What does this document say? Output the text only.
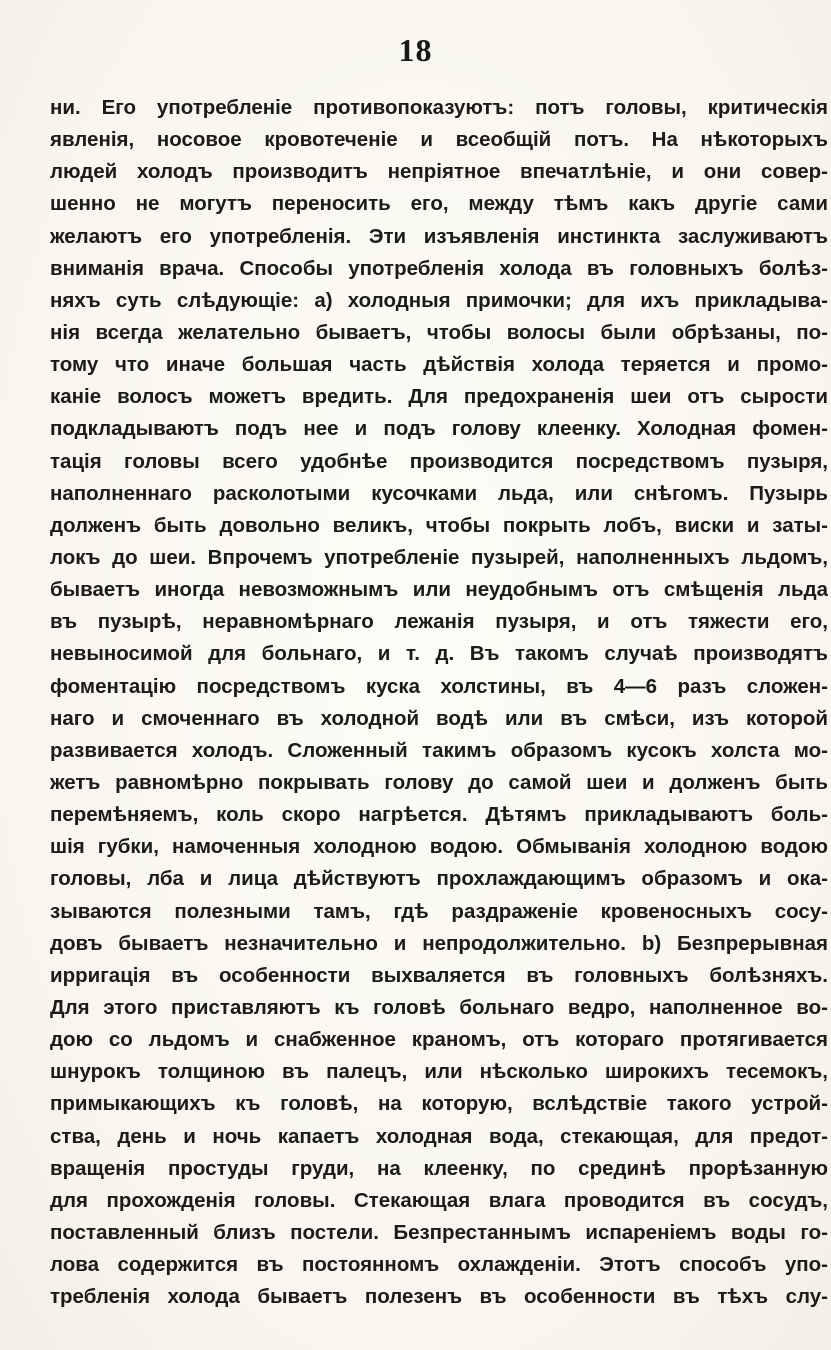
18
ни. Его употребленіе противопоказуютъ: потъ головы, критическія
явленія, носовое кровотеченіе и всеобщій потъ. На нѣкоторыхъ
людей холодъ производитъ непріятное впечатлѣніе, и они совер-
шенно не могутъ переносить его, между тѣмъ какъ другіе сами
желаютъ его употребленія. Эти изъявленія инстинкта заслуживаютъ
вниманія врача. Способы употребленія холода въ головныхъ болѣз-
няхъ суть слѣдующіе: а) холодныя примочки; для ихъ прикладыва-
нія всегда желательно бываетъ, чтобы волосы были обрѣзаны, по-
тому что иначе большая часть дѣйствія холода теряется и промо-
каніе волосъ можетъ вредить. Для предохраненія шеи отъ сырости
подкладываютъ подъ нее и подъ голову клеенку. Холодная фомен-
тація головы всего удобнѣе производится посредствомъ пузыря,
наполненнаго расколотыми кусочками льда, или снѣгомъ. Пузырь
долженъ быть довольно великъ, чтобы покрыть лобъ, виски и заты-
локъ до шеи. Впрочемъ употребленіе пузырей, наполненныхъ льдомъ,
бываетъ иногда невозможнымъ или неудобнымъ отъ смѣщенія льда
въ пузырѣ, неравномѣрнаго лежанія пузыря, и отъ тяжести его,
невыносимой для больнаго, и т. д. Въ такомъ случаѣ производятъ
фоментацію посредствомъ куска холстины, въ 4—6 разъ сложен-
наго и смоченнаго въ холодной водѣ или въ смѣси, изъ которой
развивается холодъ. Сложенный такимъ образомъ кусокъ холста мо-
жетъ равномѣрно покрывать голову до самой шеи и долженъ быть
перемѣняемъ, коль скоро нагрѣется. Дѣтямъ прикладываютъ боль-
шія губки, намоченныя холодною водою. Обмыванія холодною водою
головы, лба и лица дѣйствуютъ прохлаждающимъ образомъ и ока-
зываются полезными тамъ, гдѣ раздраженіе кровеносныхъ сосу-
довъ бываетъ незначительно и непродолжительно. b) Безпрерывная
ирригація въ особенности выхваляется въ головныхъ болѣзняхъ.
Для этого приставляютъ къ головѣ больнаго ведро, наполненное во-
дою со льдомъ и снабженное краномъ, отъ котораго протягивается
шнурокъ толщиною въ палецъ, или нѣсколько широкихъ тесемокъ,
примыкающихъ къ головѣ, на которую, вслѣдствіе такого устрой-
ства, день и ночь капаетъ холодная вода, стекающая, для предот-
вращенія простуды груди, на клеенку, по срединѣ прорѣзанную
для прохожденія головы. Стекающая влага проводится въ сосудъ,
поставленный близъ постели. Безпрестаннымъ испареніемъ воды го-
лова содержится въ постоянномъ охлажденіи. Этотъ способъ упо-
требленія холода бываетъ полезенъ въ особенности въ тѣхъ слу-
